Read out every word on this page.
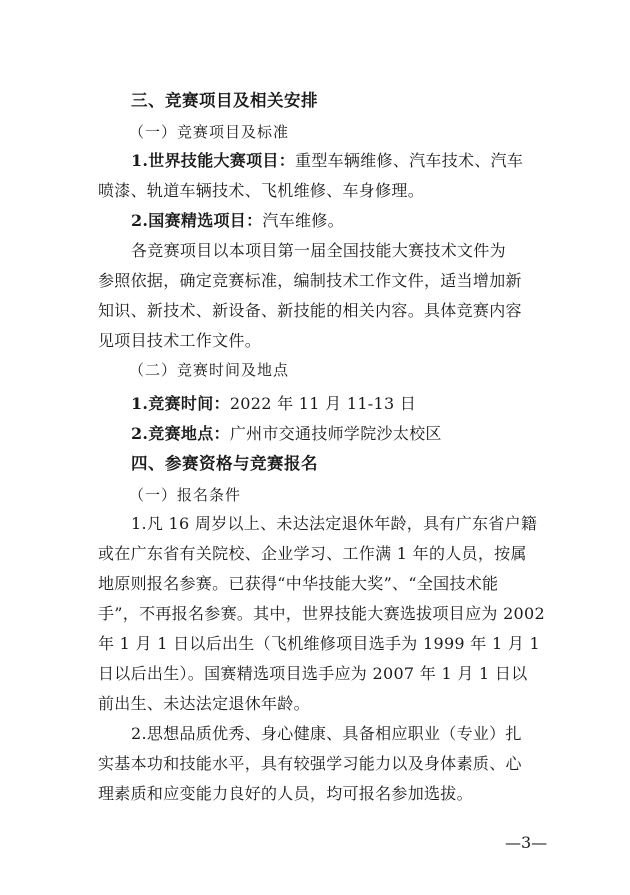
三、竞赛项目及相关安排

（一）竞赛项目及标准

1.世界技能大赛项目：重型车辆维修、汽车技术、汽车

喷漆、轨道车辆技术、飞机维修、车身修理。

2.国赛精选项目：汽车维修。

各竞赛项目以本项目第一届全国技能大赛技术文件为

参照依据，确定竞赛标准，编制技术工作文件，适当增加新

知识、新技术、新设备、新技能的相关内容。具体竞赛内容

见项目技术工作文件。

（二）竞赛时间及地点

1.竞赛时间：2022 年 11 月 11-13 日

2.竞赛地点：广州市交通技师学院沙太校区

四、参赛资格与竞赛报名

（一）报名条件

1.凡 16 周岁以上、未达法定退休年龄，具有广东省户籍

或在广东省有关院校、企业学习、工作满 1 年的人员，按属

地原则报名参赛。已获得“中华技能大奖”、“全国技术能

手”，不再报名参赛。其中，世界技能大赛选拔项目应为 2002

年 1 月 1 日以后出生（飞机维修项目选手为 1999 年 1 月 1

日以后出生）。国赛精选项目选手应为 2007 年 1 月 1 日以

前出生、未达法定退休年龄。

2.思想品质优秀、身心健康、具备相应职业（专业）扎

实基本功和技能水平，具有较强学习能力以及身体素质、心

理素质和应变能力良好的人员，均可报名参加选拔。

—3—
